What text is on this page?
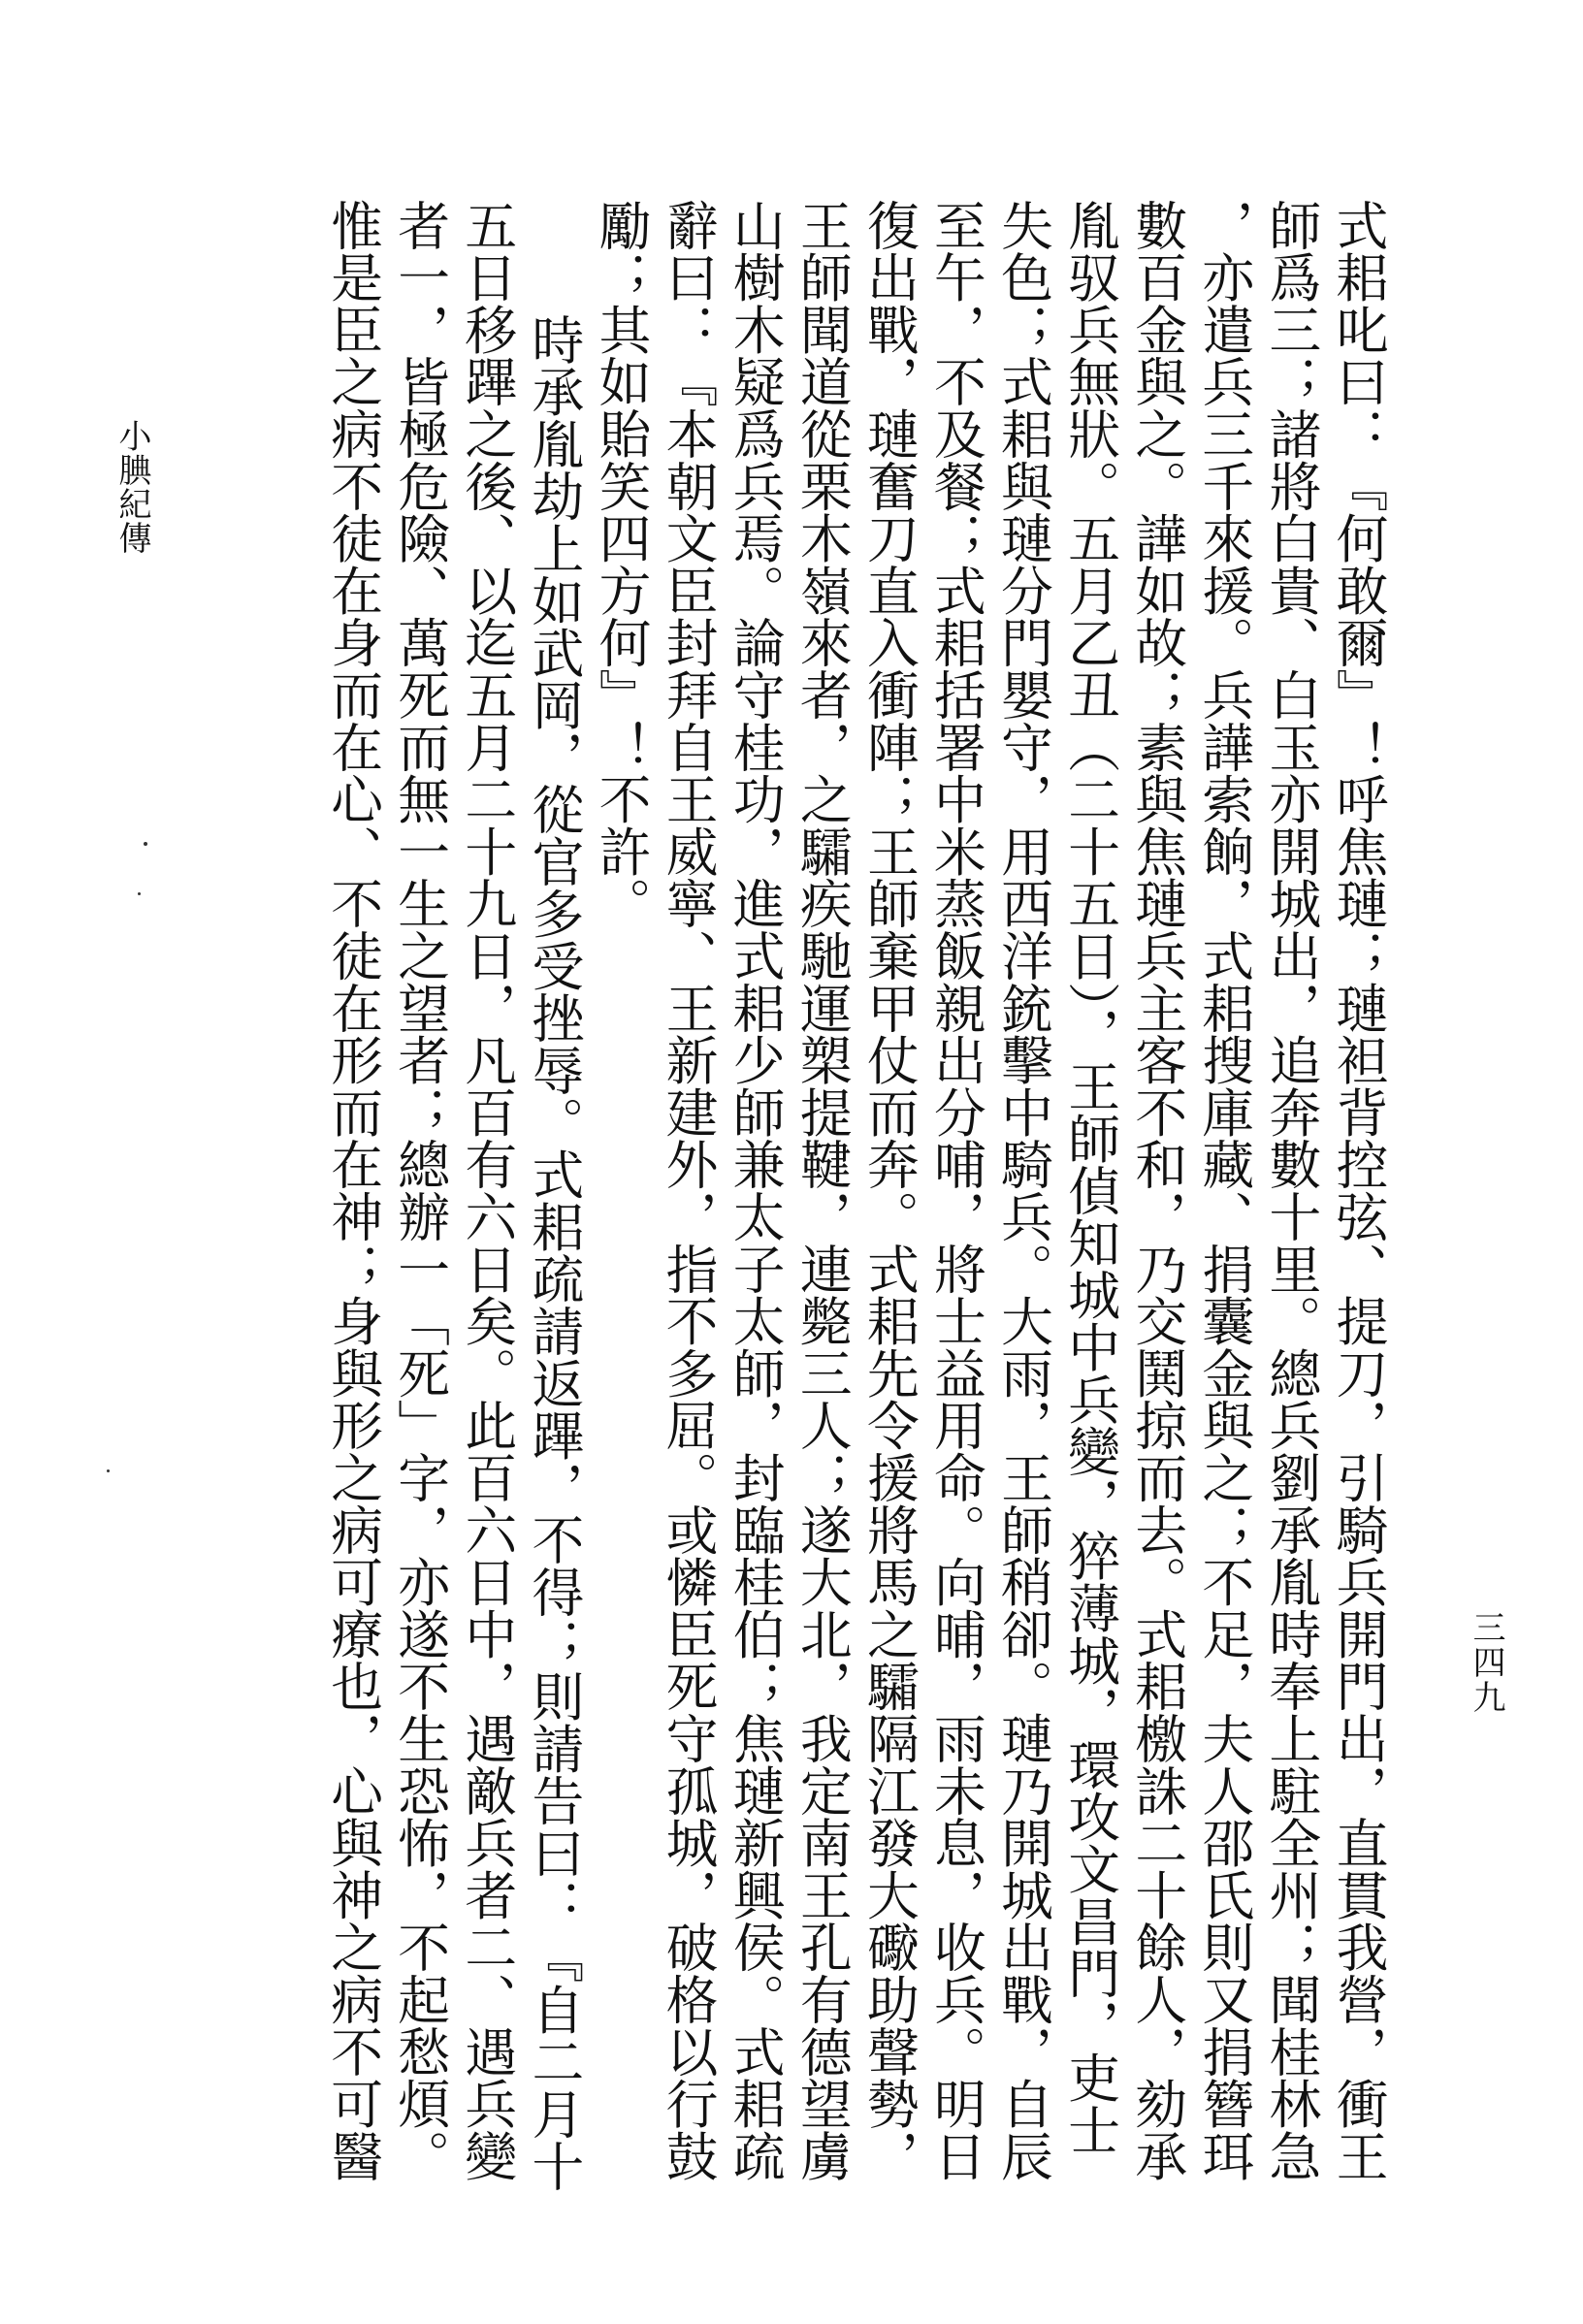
式耜叱曰：『何敢爾』！呼焦璉；璉袒背控弦、提刀，引騎兵開門出，直貫我營，衝王
師爲三；諸將白貴、白玉亦開城出，追奔數十里。總兵劉承胤時奉上駐全州；聞桂林急
，亦遣兵三千來援。兵譁索餉，式耜搜庫藏、捐囊金與之；不足，夫人邵氏則又捐簪珥
數百金與之。譁如故；素與焦璉兵主客不和，乃交鬨掠而去。式耜檄誅二十餘人，劾承
胤驭兵無狀。五月乙丑（二十五日），王師偵知城中兵變，猝薄城，環攻文昌門，吏士
失色；式耜與璉分門嬰守，用西洋銃擊中騎兵。大雨，王師稍卻。璉乃開城出戰，自辰
至午，不及餐；式耜括署中米蒸飯親出分哺，將士益用命。向晡，雨未息，收兵。明日
復出戰，璉奮刀直入衝陣；王師棄甲仗而奔。式耜先令援將馬之驦隔江發大礮助聲勢，
王師聞道從栗木嶺來者，之驦疾馳運槊提鞬，連斃三人；遂大北，我定南王孔有德望虜
山樹木疑爲兵焉。論守桂功，進式耜少師兼太子太師，封臨桂伯；焦璉新興侯。式耜疏
辭曰：『本朝文臣封拜自王威寧、王新建外，指不多屈。或憐臣死守孤城，破格以行鼓
勵；其如貽笑四方何』！不許。
時承胤劫上如武岡，從官多受挫辱。式耜疏請返蹕，不得；則請告曰：『自二月十
五日移蹕之後、以迄五月二十九日，凡百有六日矣。此百六日中，遇敵兵者二、遇兵變
者一，皆極危險、萬死而無一生之望者；總辦一「死」字，亦遂不生恐怖，不起愁煩。
惟是臣之病不徒在身而在心、不徒在形而在神；身與形之病可療也，心與神之病不可醫
小腆紀傳
三四九
